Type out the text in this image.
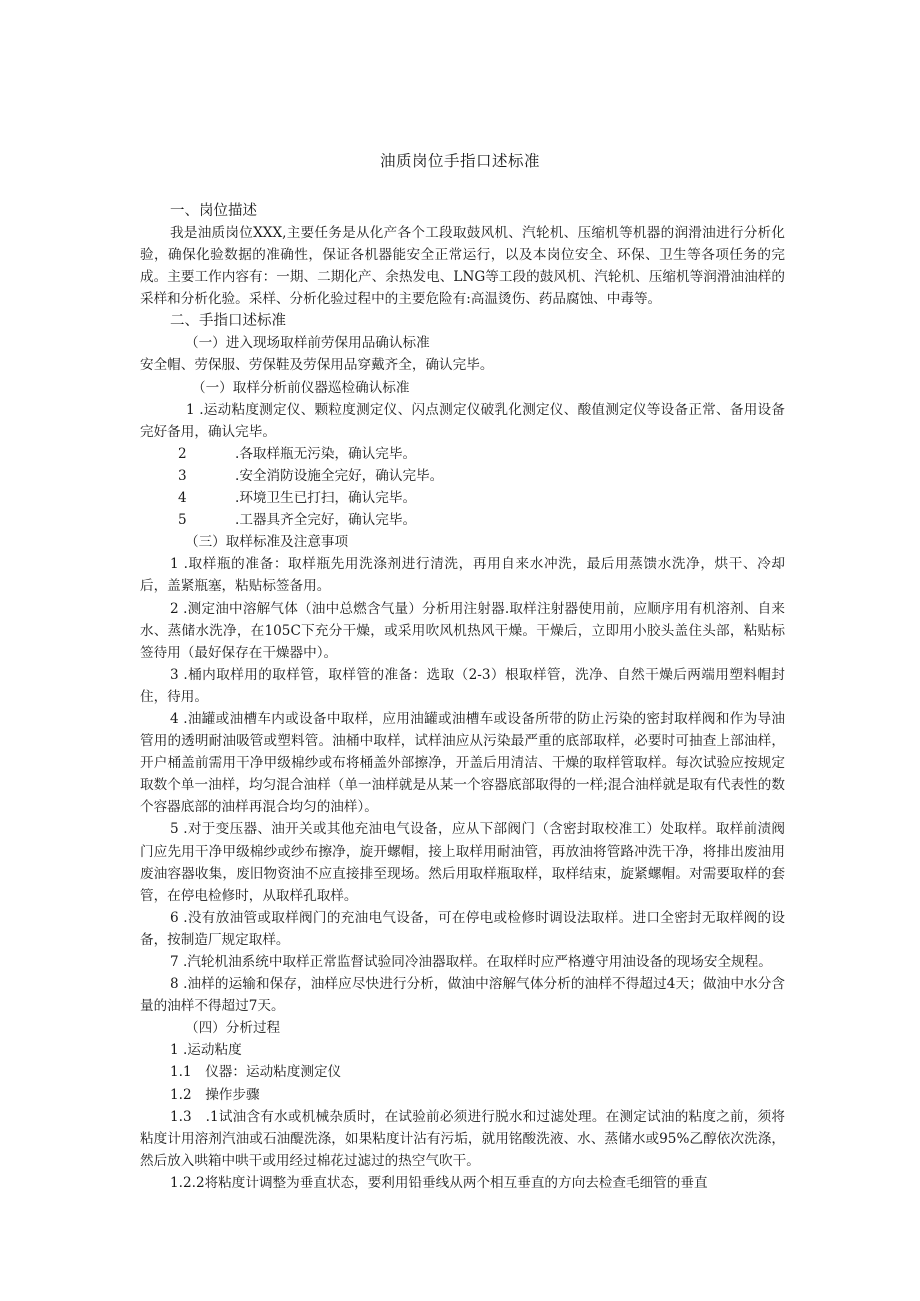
油质岗位手指口述标准

一、岗位描述

我是油质岗位XXX,主要任务是从化产各个工段取鼓风机、汽轮机、压缩机等机器的润滑油进行分析化验，确保化验数据的准确性，保证各机器能安全正常运行，以及本岗位安全、环保、卫生等各项任务的完成。主要工作内容有：一期、二期化产、余热发电、LNG等工段的鼓风机、汽轮机、压缩机等润滑油油样的采样和分析化验。采样、分析化验过程中的主要危险有:高温烫伤、药品腐蚀、中毒等。

二、手指口述标准

（一）进入现场取样前劳保用品确认标准

安全帽、劳保服、劳保鞋及劳保用品穿戴齐全，确认完毕。

（一）取样分析前仪器巡检确认标准

1 .运动粘度测定仪、颗粒度测定仪、闪点测定仪破乳化测定仪、酸值测定仪等设备正常、备用设备完好备用，确认完毕。

2	.各取样瓶无污染，确认完毕。
3	.安全消防设施全完好，确认完毕。
4	.环境卫生已打扫，确认完毕。
5	.工器具齐全完好，确认完毕。

（三）取样标准及注意事项

1 .取样瓶的准备：取样瓶先用洗涤剂进行清洗，再用自来水冲洗，最后用蒸馈水洗净，烘干、冷却后，盖紧瓶塞，粘贴标签备用。

2 .测定油中溶解气体（油中总燃含气量）分析用注射器.取样注射器使用前，应顺序用有机溶剂、自来水、蒸储水洗净，在105C下充分干燥，或采用吹风机热风干燥。干燥后，立即用小胶头盖住头部，粘贴标签待用（最好保存在干燥器中）。

3 .桶内取样用的取样管，取样管的准备：选取（2-3）根取样管，洗净、自然干燥后两端用塑料帽封住，待用。

4 .油罐或油槽车内或设备中取样，应用油罐或油槽车或设备所带的防止污染的密封取样阀和作为导油管用的透明耐油吸管或塑料管。油桶中取样，试样油应从污染最严重的底部取样，必要时可抽查上部油样，开户桶盖前需用干净甲级棉纱或布将桶盖外部擦净，开盖后用清洁、干燥的取样管取样。每次试验应按规定取数个单一油样，均匀混合油样（单一油样就是从某一个容器底部取得的一样;混合油样就是取有代表性的数个容器底部的油样再混合均匀的油样）。

5 .对于变压器、油开关或其他充油电气设备，应从下部阀门（含密封取校准工）处取样。取样前渍阀门应先用干净甲级棉纱或纱布擦净，旋开螺帽，接上取样用耐油管，再放油将管路冲洗干净，将排出废油用废油容器收集，废旧物资油不应直接排至现场。然后用取样瓶取样，取样结束，旋紧螺帽。对需要取样的套管，在停电检修时，从取样孔取样。

6 .没有放油管或取样阀门的充油电气设备，可在停电或检修时调设法取样。进口全密封无取样阀的设备，按制造厂规定取样。

7 .汽轮机油系统中取样正常监督试验同冷油器取样。在取样时应严格遵守用油设备的现场安全规程。

8 .油样的运输和保存，油样应尽快进行分析，做油中溶解气体分析的油样不得超过4天；做油中水分含量的油样不得超过7天。

（四）分析过程

1 .运动粘度

1.1　仪器：运动粘度测定仪

1.2　操作步骤

1.3　.1试油含有水或机械杂质时，在试验前必须进行脱水和过滤处理。在测定试油的粘度之前，须将粘度计用溶剂汽油或石油醍洗涤，如果粘度计沾有污垢，就用铭酸洗液、水、蒸储水或95%乙醇依次洗涤，然后放入哄箱中哄干或用经过棉花过滤过的热空气吹干。

1.2.2将粘度计调整为垂直状态，要利用铅垂线从两个相互垂直的方向去检查毛细管的垂直
